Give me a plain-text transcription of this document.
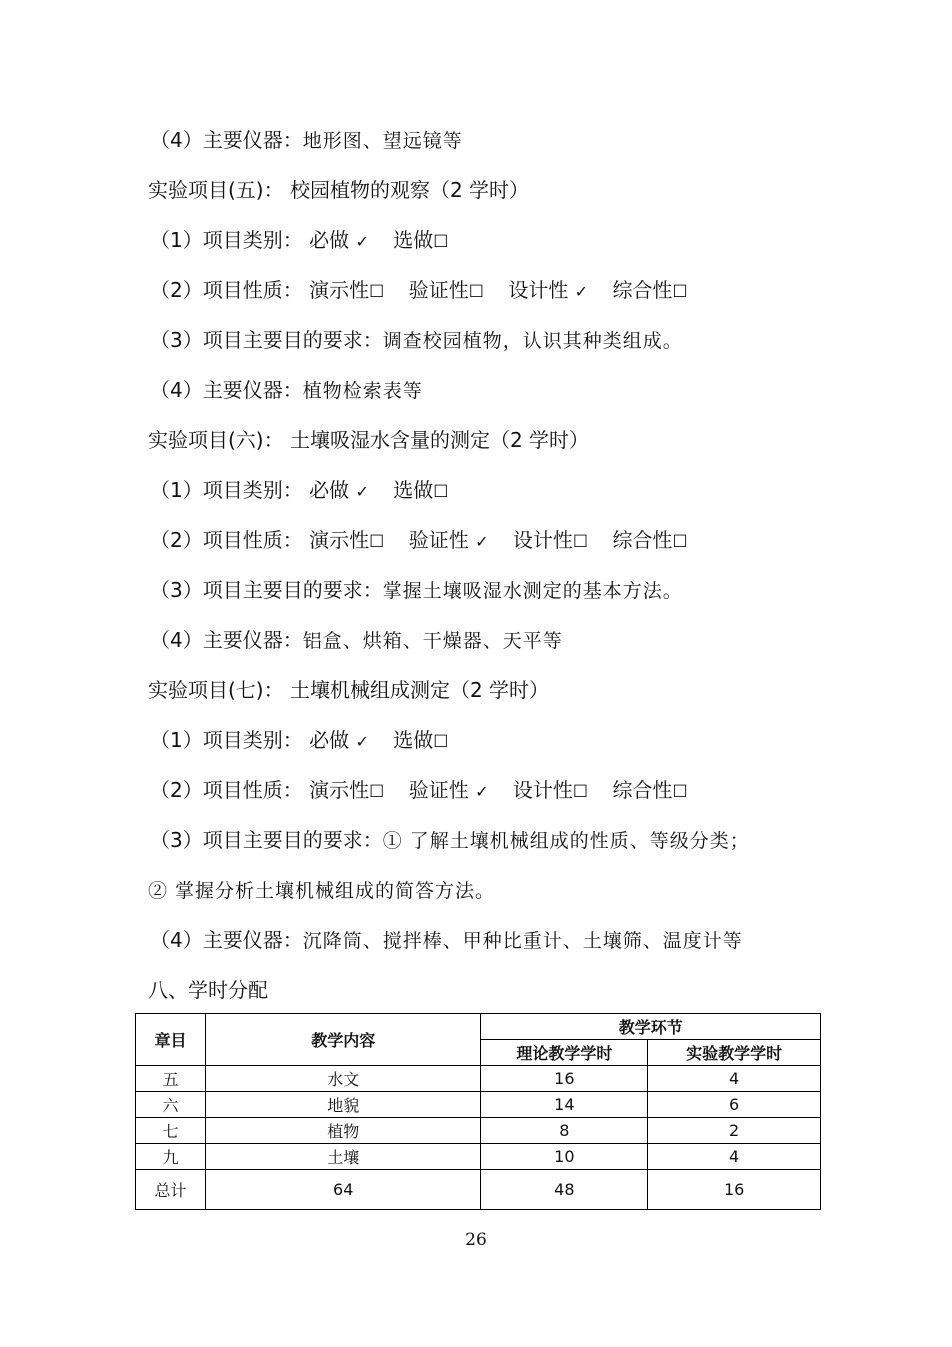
（4）主要仪器：地形图、望远镜等
实验项目(五)： 校园植物的观察（2 学时）
（1）项目类别： 必做 ✓ 选做☐
（2）项目性质： 演示性☐ 验证性☐ 设计性 ✓ 综合性☐
（3）项目主要目的要求：调查校园植物，认识其种类组成。
（4）主要仪器：植物检索表等
实验项目(六)： 土壤吸湿水含量的测定（2 学时）
（1）项目类别： 必做 ✓ 选做☐
（2）项目性质： 演示性☐ 验证性 ✓ 设计性☐ 综合性☐
（3）项目主要目的要求：掌握土壤吸湿水测定的基本方法。
（4）主要仪器：铝盒、烘箱、干燥器、天平等
实验项目(七)： 土壤机械组成测定（2 学时）
（1）项目类别： 必做 ✓ 选做☐
（2）项目性质： 演示性☐ 验证性 ✓ 设计性☐ 综合性☐
（3）项目主要目的要求：① 了解土壤机械组成的性质、等级分类；
② 掌握分析土壤机械组成的简答方法。
（4）主要仪器：沉降筒、搅拌棒、甲种比重计、土壤筛、温度计等
八、学时分配
章目	教学内容	教学环节	
		理论教学学时	实验教学学时
五	水文	16	4
六	地貌	14	6
七	植物	8	2
九	土壤	10	4
总计	64	48	16
26
